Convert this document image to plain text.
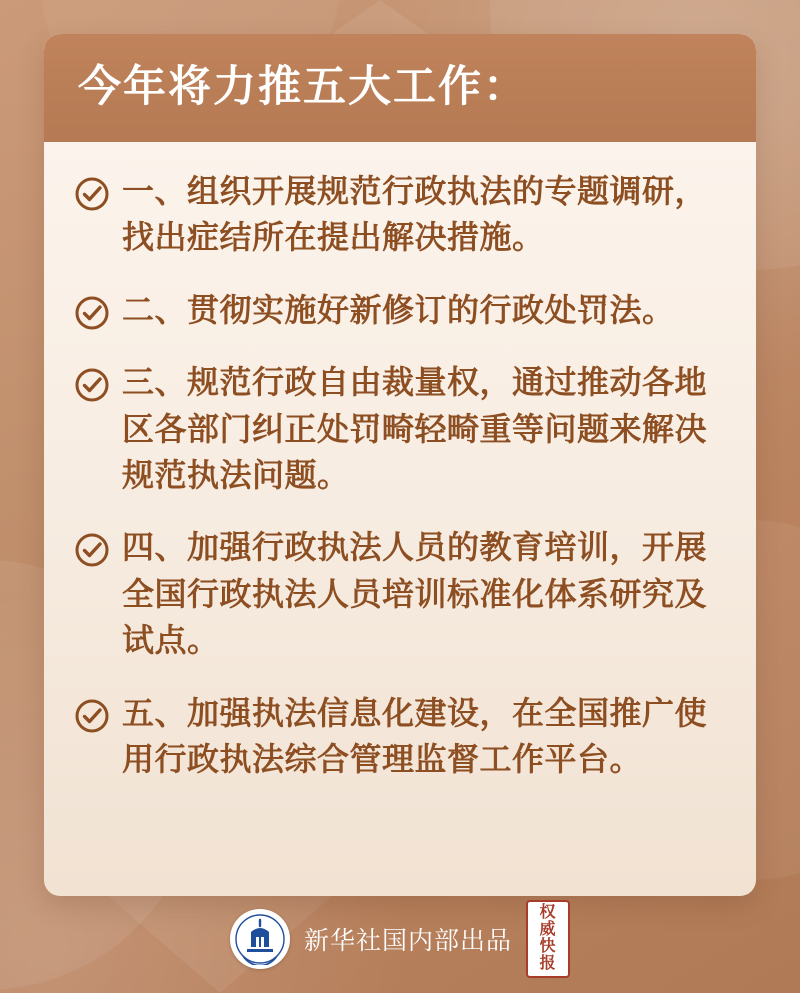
今年将力推五大工作：
一、组织开展规范行政执法的专题调研，找出症结所在提出解决措施。
二、贯彻实施好新修订的行政处罚法。
三、规范行政自由裁量权，通过推动各地区各部门纠正处罚畸轻畸重等问题来解决规范执法问题。
四、加强行政执法人员的教育培训，开展全国行政执法人员培训标准化体系研究及试点。
五、加强执法信息化建设，在全国推广使用行政执法综合管理监督工作平台。
新华社国内部出品
权威
快报
